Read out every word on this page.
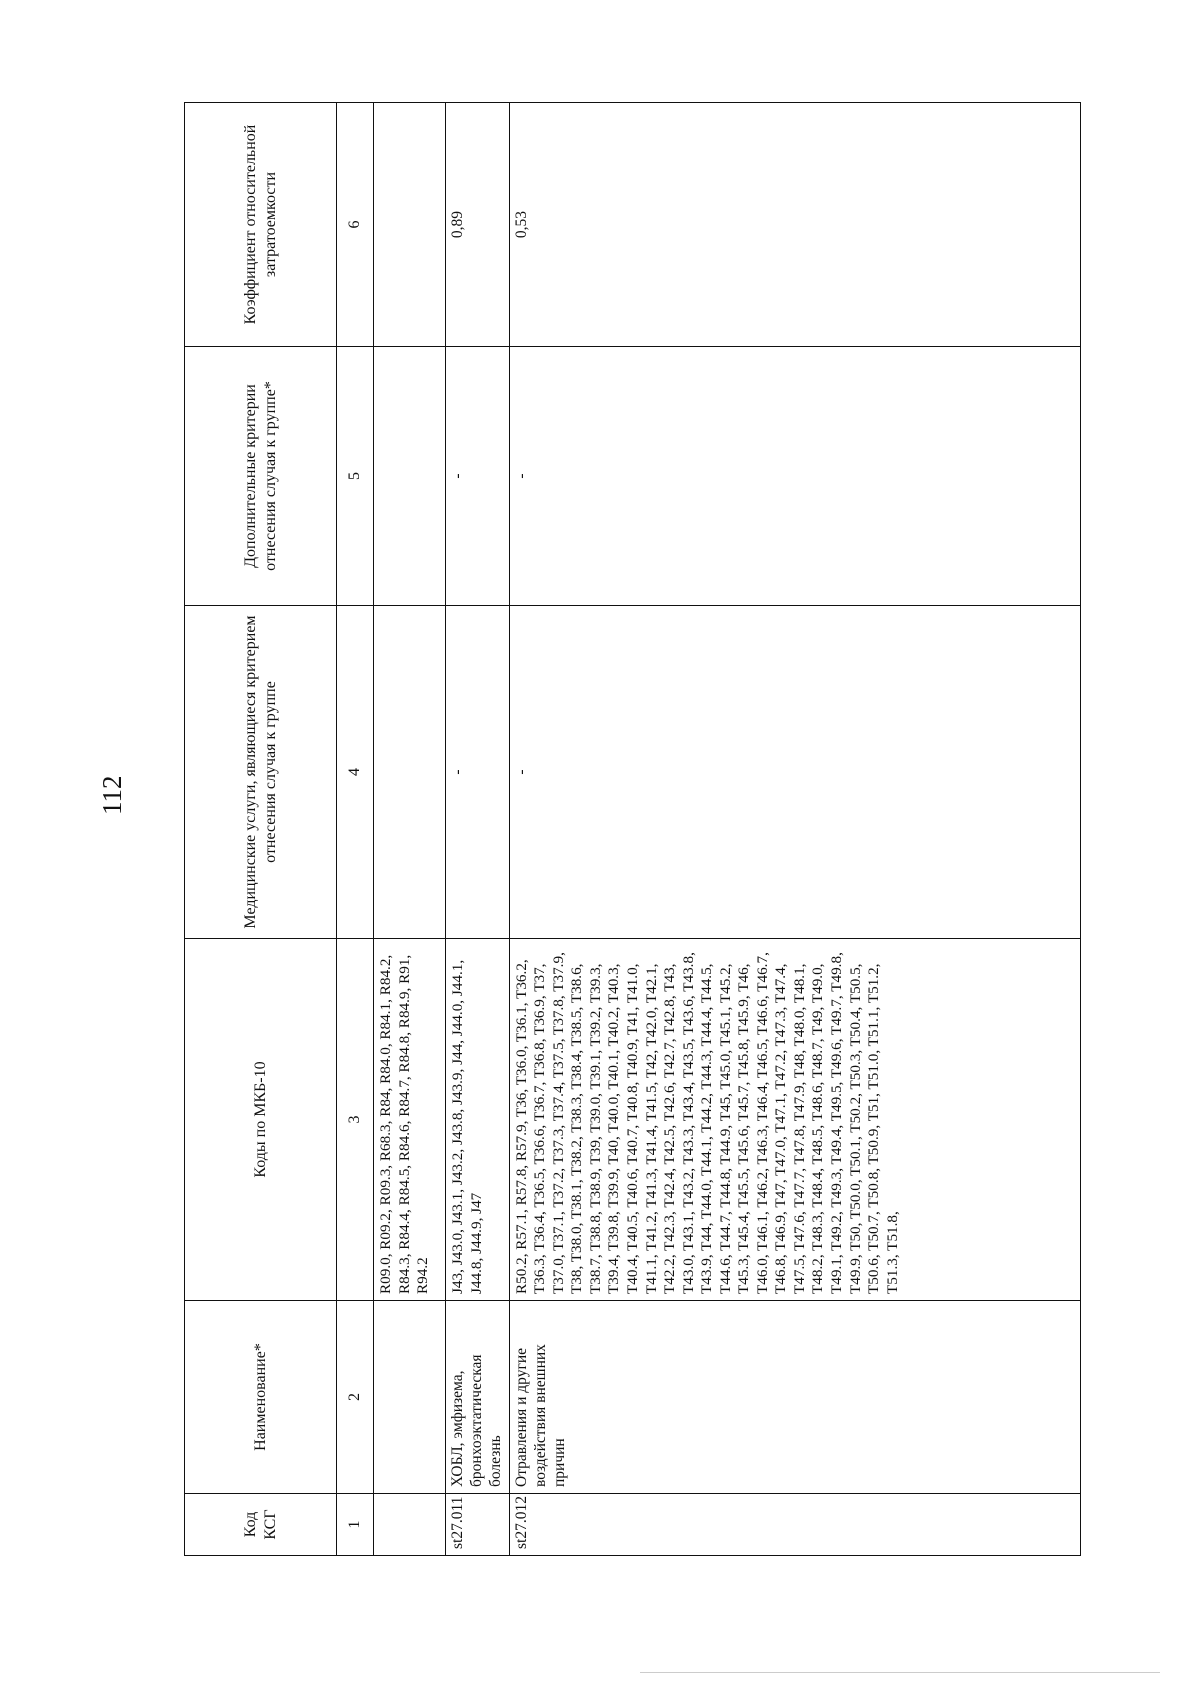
112
Код КСГ	Наименование*	Коды по МКБ-10	Медицинские услуги, являющиеся критерием отнесения случая к группе	Дополнительные критерии отнесения случая к группе*	Коэффициент относительной затратоемкости
1	2	3	4	5	6
		R09.0, R09.2, R09.3, R68.3, R84, R84.0, R84.1, R84.2, R84.3, R84.4, R84.5, R84.6, R84.7, R84.8, R84.9, R91, R94.2			
st27.011	ХОБЛ, эмфизема, бронхоэктатическая болезнь	J43, J43.0, J43.1, J43.2, J43.8, J43.9, J44, J44.0, J44.1, J44.8, J44.9, J47	-	-	0,89
st27.012	Отравления и другие воздействия внешних причин	R50.2, R57.1, R57.8, R57.9, T36, T36.0, T36.1, T36.2, T36.3, T36.4, T36.5, T36.6, T36.7, T36.8, T36.9, T37, T37.0, T37.1, T37.2, T37.3, T37.4, T37.5, T37.8, T37.9, T38, T38.0, T38.1, T38.2, T38.3, T38.4, T38.5, T38.6, T38.7, T38.8, T38.9, T39, T39.0, T39.1, T39.2, T39.3, T39.4, T39.8, T39.9, T40, T40.0, T40.1, T40.2, T40.3, T40.4, T40.5, T40.6, T40.7, T40.8, T40.9, T41, T41.0, T41.1, T41.2, T41.3, T41.4, T41.5, T42, T42.0, T42.1, T42.2, T42.3, T42.4, T42.5, T42.6, T42.7, T42.8, T43, T43.0, T43.1, T43.2, T43.3, T43.4, T43.5, T43.6, T43.8, T43.9, T44, T44.0, T44.1, T44.2, T44.3, T44.4, T44.5, T44.6, T44.7, T44.8, T44.9, T45, T45.0, T45.1, T45.2, T45.3, T45.4, T45.5, T45.6, T45.7, T45.8, T45.9, T46, T46.0, T46.1, T46.2, T46.3, T46.4, T46.5, T46.6, T46.7, T46.8, T46.9, T47, T47.0, T47.1, T47.2, T47.3, T47.4, T47.5, T47.6, T47.7, T47.8, T47.9, T48, T48.0, T48.1, T48.2, T48.3, T48.4, T48.5, T48.6, T48.7, T49, T49.0, T49.1, T49.2, T49.3, T49.4, T49.5, T49.6, T49.7, T49.8, T49.9, T50, T50.0, T50.1, T50.2, T50.3, T50.4, T50.5, T50.6, T50.7, T50.8, T50.9, T51, T51.0, T51.1, T51.2, T51.3, T51.8,	-	-	0,53
